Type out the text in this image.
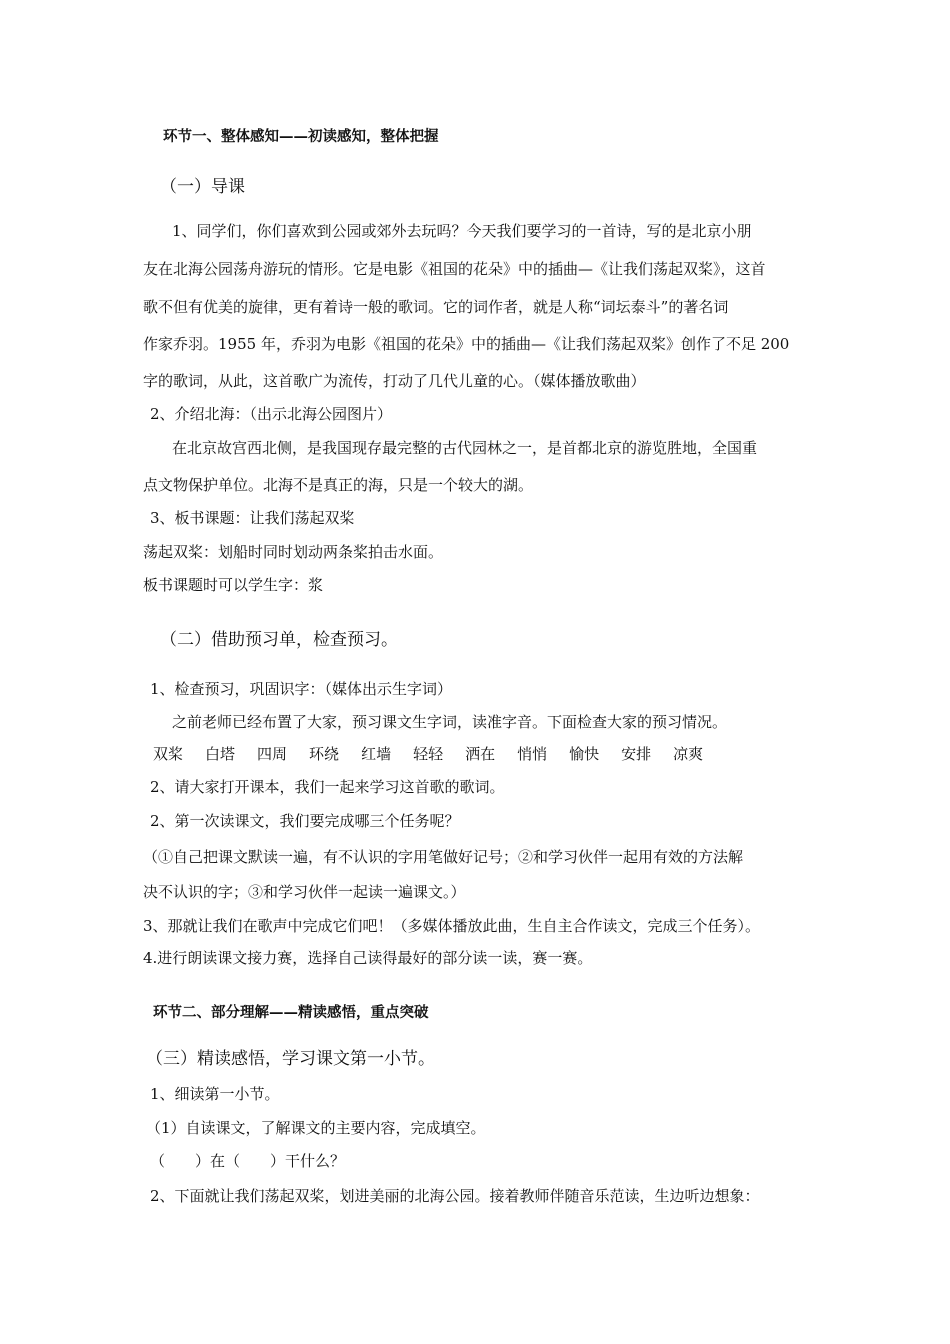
环节一、整体感知——初读感知，整体把握
（一）导课
1、同学们，你们喜欢到公园或郊外去玩吗？今天我们要学习的一首诗，写的是北京小朋
友在北海公园荡舟游玩的情形。它是电影《祖国的花朵》中的插曲—《让我们荡起双桨》，这首
歌不但有优美的旋律，更有着诗一般的歌词。它的词作者，就是人称“词坛泰斗”的著名词
作家乔羽。1955 年，乔羽为电影《祖国的花朵》中的插曲—《让我们荡起双桨》创作了不足 200
字的歌词，从此，这首歌广为流传，打动了几代儿童的心。（媒体播放歌曲）
2、介绍北海：（出示北海公园图片）
在北京故宫西北侧，是我国现存最完整的古代园林之一，是首都北京的游览胜地，全国重
点文物保护单位。北海不是真正的海，只是一个较大的湖。
3、板书课题：让我们荡起双桨
荡起双桨：划船时同时划动两条桨拍击水面。
板书课题时可以学生字：浆
（二）借助预习单，检查预习。
1、检查预习，巩固识字：（媒体出示生字词）
之前老师已经布置了大家，预习课文生字词，读准字音。下面检查大家的预习情况。
双桨 白塔 四周 环绕 红墙 轻轻 洒在 悄悄 愉快 安排 凉爽
2、请大家打开课本，我们一起来学习这首歌的歌词。
2、第一次读课文，我们要完成哪三个任务呢？
（①自己把课文默读一遍，有不认识的字用笔做好记号；②和学习伙伴一起用有效的方法解
决不认识的字；③和学习伙伴一起读一遍课文。）
3、那就让我们在歌声中完成它们吧！（多媒体播放此曲，生自主合作读文，完成三个任务）。
4.进行朗读课文接力赛，选择自己读得最好的部分读一读，赛一赛。
环节二、部分理解——精读感悟，重点突破
（三）精读感悟，学习课文第一小节。
1、细读第一小节。
（1）自读课文，了解课文的主要内容，完成填空。
（　　）在（　　）干什么？
2、下面就让我们荡起双桨，划进美丽的北海公园。接着教师伴随音乐范读，生边听边想象：
